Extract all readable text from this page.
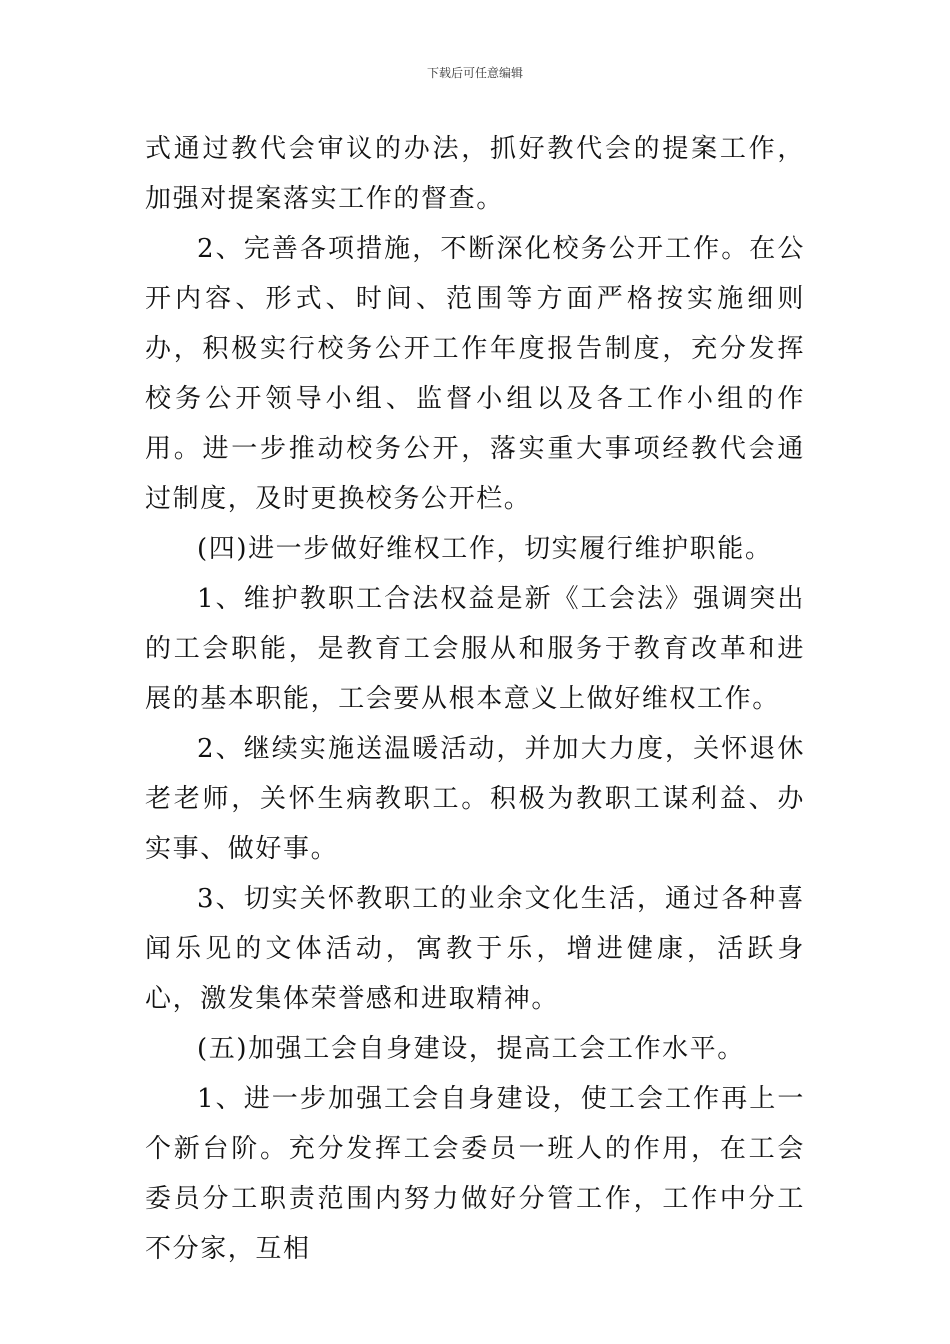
下载后可任意编辑

式通过教代会审议的办法，抓好教代会的提案工作，加强对提案落实工作的督查。

2、完善各项措施，不断深化校务公开工作。在公开内容、形式、时间、范围等方面严格按实施细则办，积极实行校务公开工作年度报告制度，充分发挥校务公开领导小组、监督小组以及各工作小组的作用。进一步推动校务公开，落实重大事项经教代会通过制度，及时更换校务公开栏。

(四)进一步做好维权工作，切实履行维护职能。

1、维护教职工合法权益是新《工会法》强调突出的工会职能，是教育工会服从和服务于教育改革和进展的基本职能，工会要从根本意义上做好维权工作。

2、继续实施送温暖活动，并加大力度，关怀退休老老师，关怀生病教职工。积极为教职工谋利益、办实事、做好事。

3、切实关怀教职工的业余文化生活，通过各种喜闻乐见的文体活动，寓教于乐，增进健康，活跃身心，激发集体荣誉感和进取精神。

(五)加强工会自身建设，提高工会工作水平。

1、进一步加强工会自身建设，使工会工作再上一个新台阶。充分发挥工会委员一班人的作用，在工会委员分工职责范围内努力做好分管工作，工作中分工不分家，互相
